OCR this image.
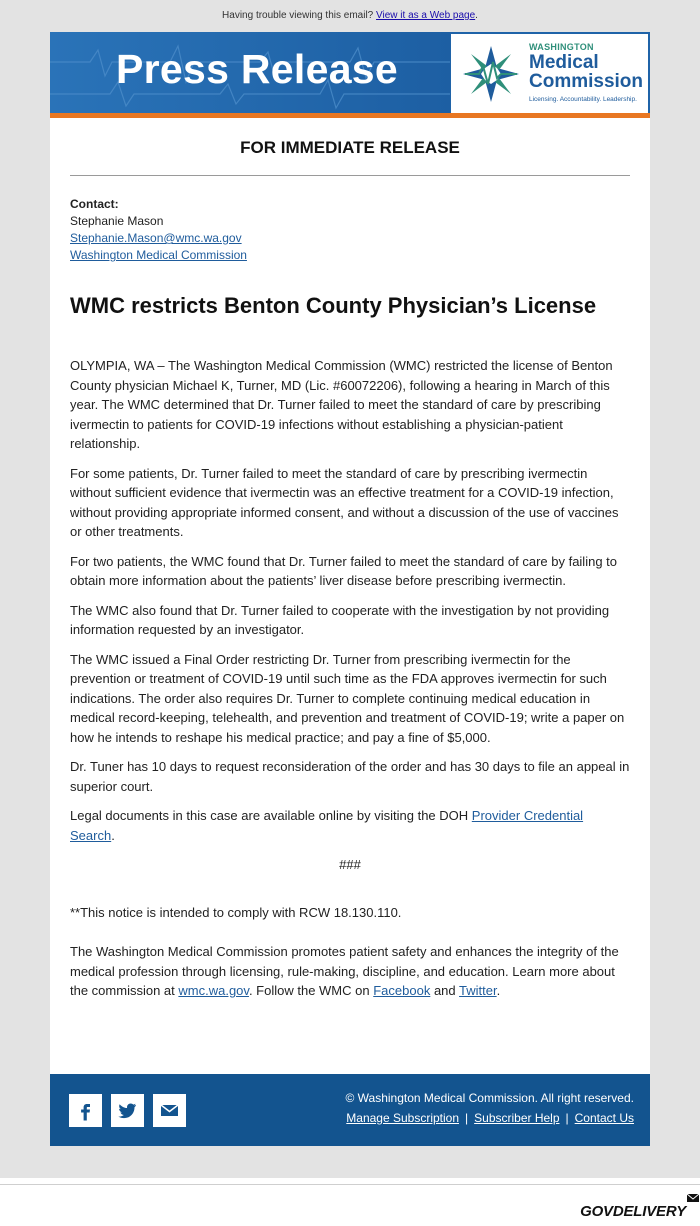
Having trouble viewing this email? View it as a Web page.
Press Release	WASHINGTON
Medical
Commission
Licensing. Accountability. Leadership.
FOR IMMEDIATE RELEASE
Contact:
Stephanie Mason
Stephanie.Mason@wmc.wa.gov
Washington Medical Commission
WMC restricts Benton County Physician’s License

OLYMPIA, WA – The Washington Medical Commission (WMC) restricted the license of Benton County physician Michael K, Turner, MD (Lic. #60072206), following a hearing in March of this year. The WMC determined that Dr. Turner failed to meet the standard of care by prescribing ivermectin to patients for COVID-19 infections without establishing a physician-patient relationship.

For some patients, Dr. Turner failed to meet the standard of care by prescribing ivermectin without sufficient evidence that ivermectin was an effective treatment for a COVID-19 infection, without providing appropriate informed consent, and without a discussion of the use of vaccines or other treatments.

For two patients, the WMC found that Dr. Turner failed to meet the standard of care by failing to obtain more information about the patients’ liver disease before prescribing ivermectin.

The WMC also found that Dr. Turner failed to cooperate with the investigation by not providing information requested by an investigator.

The WMC issued a Final Order restricting Dr. Turner from prescribing ivermectin for the prevention or treatment of COVID-19 until such time as the FDA approves ivermectin for such indications. The order also requires Dr. Turner to complete continuing medical education in medical record-keeping, telehealth, and prevention and treatment of COVID-19; write a paper on how he intends to reshape his medical practice; and pay a fine of $5,000.

Dr. Tuner has 10 days to request reconsideration of the order and has 30 days to file an appeal in superior court.

Legal documents in this case are available online by visiting the DOH Provider Credential Search.

###

**This notice is intended to comply with RCW 18.130.110.

The Washington Medical Commission promotes patient safety and enhances the integrity of the medical profession through licensing, rule-making, discipline, and education. Learn more about the commission at wmc.wa.gov. Follow the WMC on Facebook and Twitter.

© Washington Medical Commission. All right reserved.
Manage Subscription | Subscriber Help | Contact Us
GOVDELIVERY
